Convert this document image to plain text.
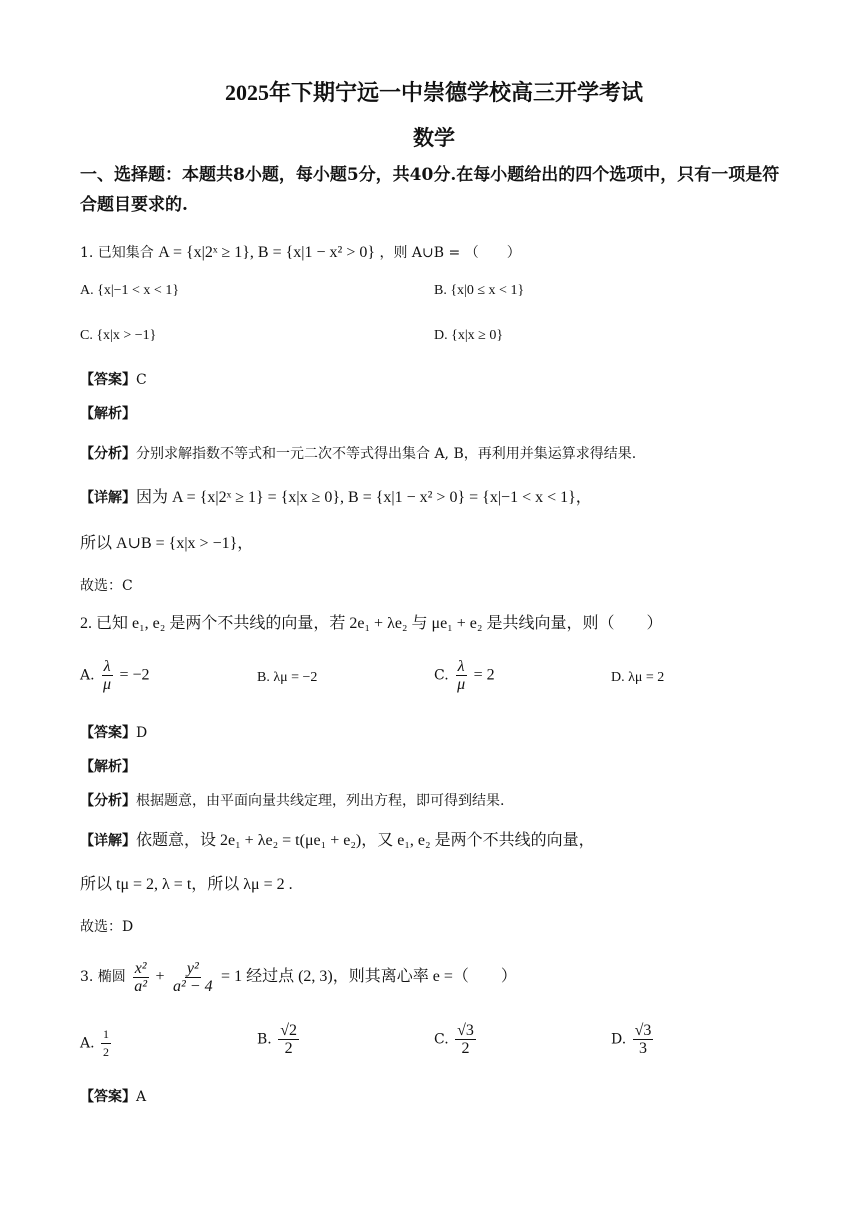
2025年下期宁远一中崇德学校高三开学考试
数学
一、选择题：本题共8小题，每小题5分，共40分.在每小题给出的四个选项中，只有一项是符合题目要求的.
1. 已知集合 A = {x|2ˣ ≥ 1}, B = {x|1 − x² > 0} ，则 A∪B = （　　）
A. {x|−1 < x < 1}	B. {x|0 ≤ x < 1}
C. {x|x > −1}	D. {x|x ≥ 0}
【答案】C
【解析】
【分析】分别求解指数不等式和一元二次不等式得出集合 A, B，再利用并集运算求得结果.
【详解】因为 A = {x|2ˣ ≥ 1} = {x|x ≥ 0}, B = {x|1 − x² > 0} = {x|−1 < x < 1}，
所以 A∪B = {x|x > −1}，
故选：C
2. 已知 e₁, e₂ 是两个不共线的向量，若 2e₁ + λe₂ 与 μe₁ + e₂ 是共线向量，则（　　）
A. $\frac{\lambda}{\mu} = -2$	B. λμ = −2	C. $\frac{\lambda}{\mu} = 2$	D. λμ = 2
【答案】D
【解析】
【分析】根据题意，由平面向量共线定理，列出方程，即可得到结果.
【详解】依题意，设 2e₁ + λe₂ = t(μe₁ + e₂)，又 e₁, e₂ 是两个不共线的向量，
所以 tμ = 2, λ = t，所以 λμ = 2 .
故选：D
3. 椭圆 $\frac{\text{x²}}{\text{a²}} + \frac{\text{y²}}{\text{a² − 4}} = 1$ 经过点 (2, 3)，则其离心率 e =（　　）
A. $\frac{1}{2}$	B. $\frac{√2}{2}$	C. $\frac{√3}{2}$	D. $\frac{√3}{3}$
【答案】A
